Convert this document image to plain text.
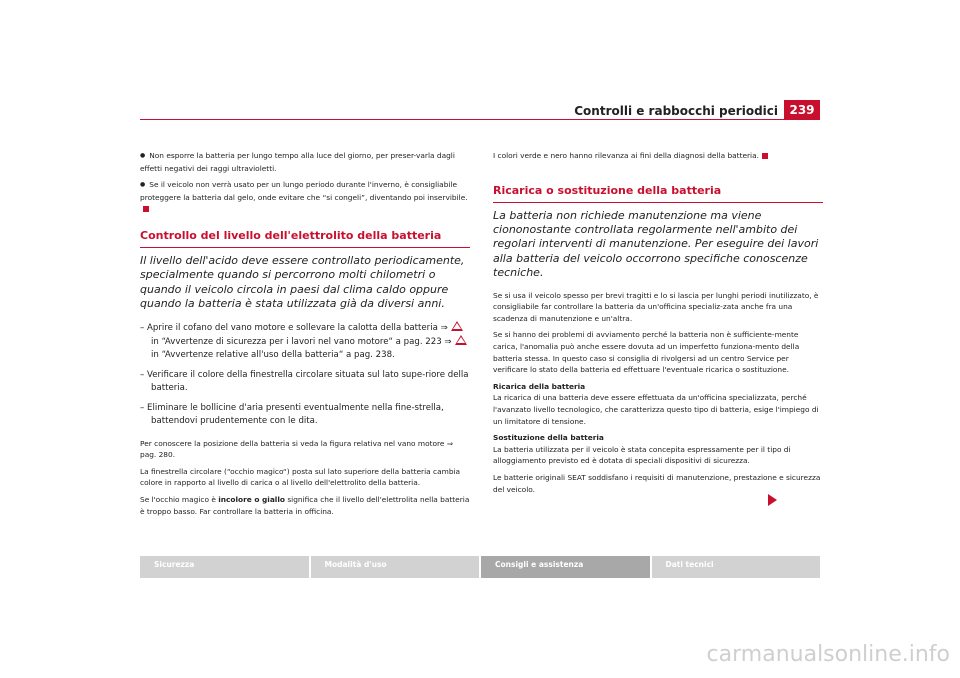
Controlli e rabbocchi periodici 239

● Non esporre la batteria per lungo tempo alla luce del giorno, per preser-varla dagli effetti negativi dei raggi ultravioletti.

● Se il veicolo non verrà usato per un lungo periodo durante l'inverno, è consigliabile proteggere la batteria dal gelo, onde evitare che “si congeli”, diventando poi inservibile.

Controllo del livello dell'elettrolito della batteria

Il livello dell'acido deve essere controllato periodicamente, specialmente quando si percorrono molti chilometri o quando il veicolo circola in paesi dal clima caldo oppure quando la batteria è stata utilizzata già da diversi anni.

– Aprire il cofano del vano motore e sollevare la calotta della batteria ⇒in “Avvertenze di sicurezza per i lavori nel vano motore“ a pag. 223 ⇒in “Avvertenze relative all'uso della batteria“ a pag. 238.

– Verificare il colore della finestrella circolare situata sul lato supe-riore della batteria.

– Eliminare le bollicine d'aria presenti eventualmente nella fine-strella, battendovi prudentemente con le dita.

Per conoscere la posizione della batteria si veda la figura relativa nel vano motore ⇒ pag. 280.

La finestrella circolare (“occhio magico“) posta sul lato superiore della batteria cambia colore in rapporto al livello di carica o al livello dell'elettrolito della batteria.

Se l'occhio magico è incolore o giallo significa che il livello dell'elettrolita nella batteria è troppo basso. Far controllare la batteria in officina.

I colori verde e nero hanno rilevanza ai fini della diagnosi della batteria.

Ricarica o sostituzione della batteria

La batteria non richiede manutenzione ma viene ciononostante controllata regolarmente nell'ambito dei regolari interventi di manutenzione. Per eseguire dei lavori alla batteria del veicolo occorrono specifiche conoscenze tecniche.

Se si usa il veicolo spesso per brevi tragitti e lo si lascia per lunghi periodi inutilizzato, è consigliabile far controllare la batteria da un'officina specializ-zata anche fra una scadenza di manutenzione e un'altra.

Se si hanno dei problemi di avviamento perché la batteria non è sufficiente-mente carica, l'anomalia può anche essere dovuta ad un imperfetto funziona-mento della batteria stessa. In questo caso si consiglia di rivolgersi ad un centro Service per verificare lo stato della batteria ed effettuare l'eventuale ricarica o sostituzione.

Ricarica della batteria

La ricarica di una batteria deve essere effettuata da un'officina specializzata, perché l'avanzato livello tecnologico, che caratterizza questo tipo di batteria, esige l'impiego di un limitatore di tensione.

Sostituzione della batteria

La batteria utilizzata per il veicolo è stata concepita espressamente per il tipo di alloggiamento previsto ed è dotata di speciali dispositivi di sicurezza.

Le batterie originali SEAT soddisfano i requisiti di manutenzione, prestazione e sicurezza del veicolo.

Sicurezza	Modalità d'uso	Consigli e assistenza	Dati tecnici
carmanualsonline.info
